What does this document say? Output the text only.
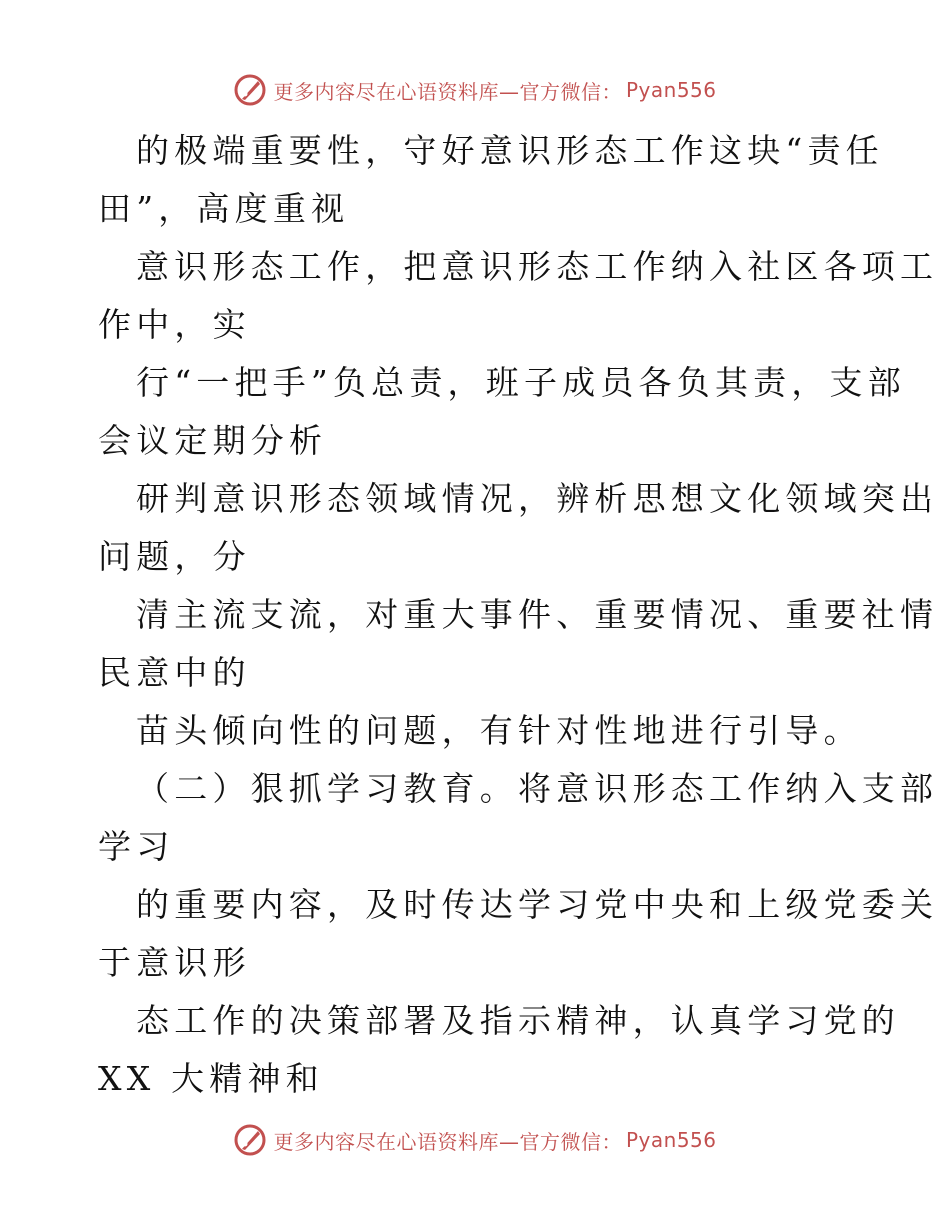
更多内容尽在心语资料库—官方微信： Pyan556
的极端重要性，守好意识形态工作这块“责任
田”，高度重视
意识形态工作，把意识形态工作纳入社区各项工
作中，实
行“一把手”负总责，班子成员各负其责，支部
会议定期分析
研判意识形态领域情况，辨析思想文化领域突出
问题，分
清主流支流，对重大事件、重要情况、重要社情
民意中的
苗头倾向性的问题，有针对性地进行引导。
（二）狠抓学习教育。将意识形态工作纳入支部
学习
的重要内容，及时传达学习党中央和上级党委关
于意识形
态工作的决策部署及指示精神，认真学习党的
XX 大精神和
更多内容尽在心语资料库—官方微信： Pyan556
